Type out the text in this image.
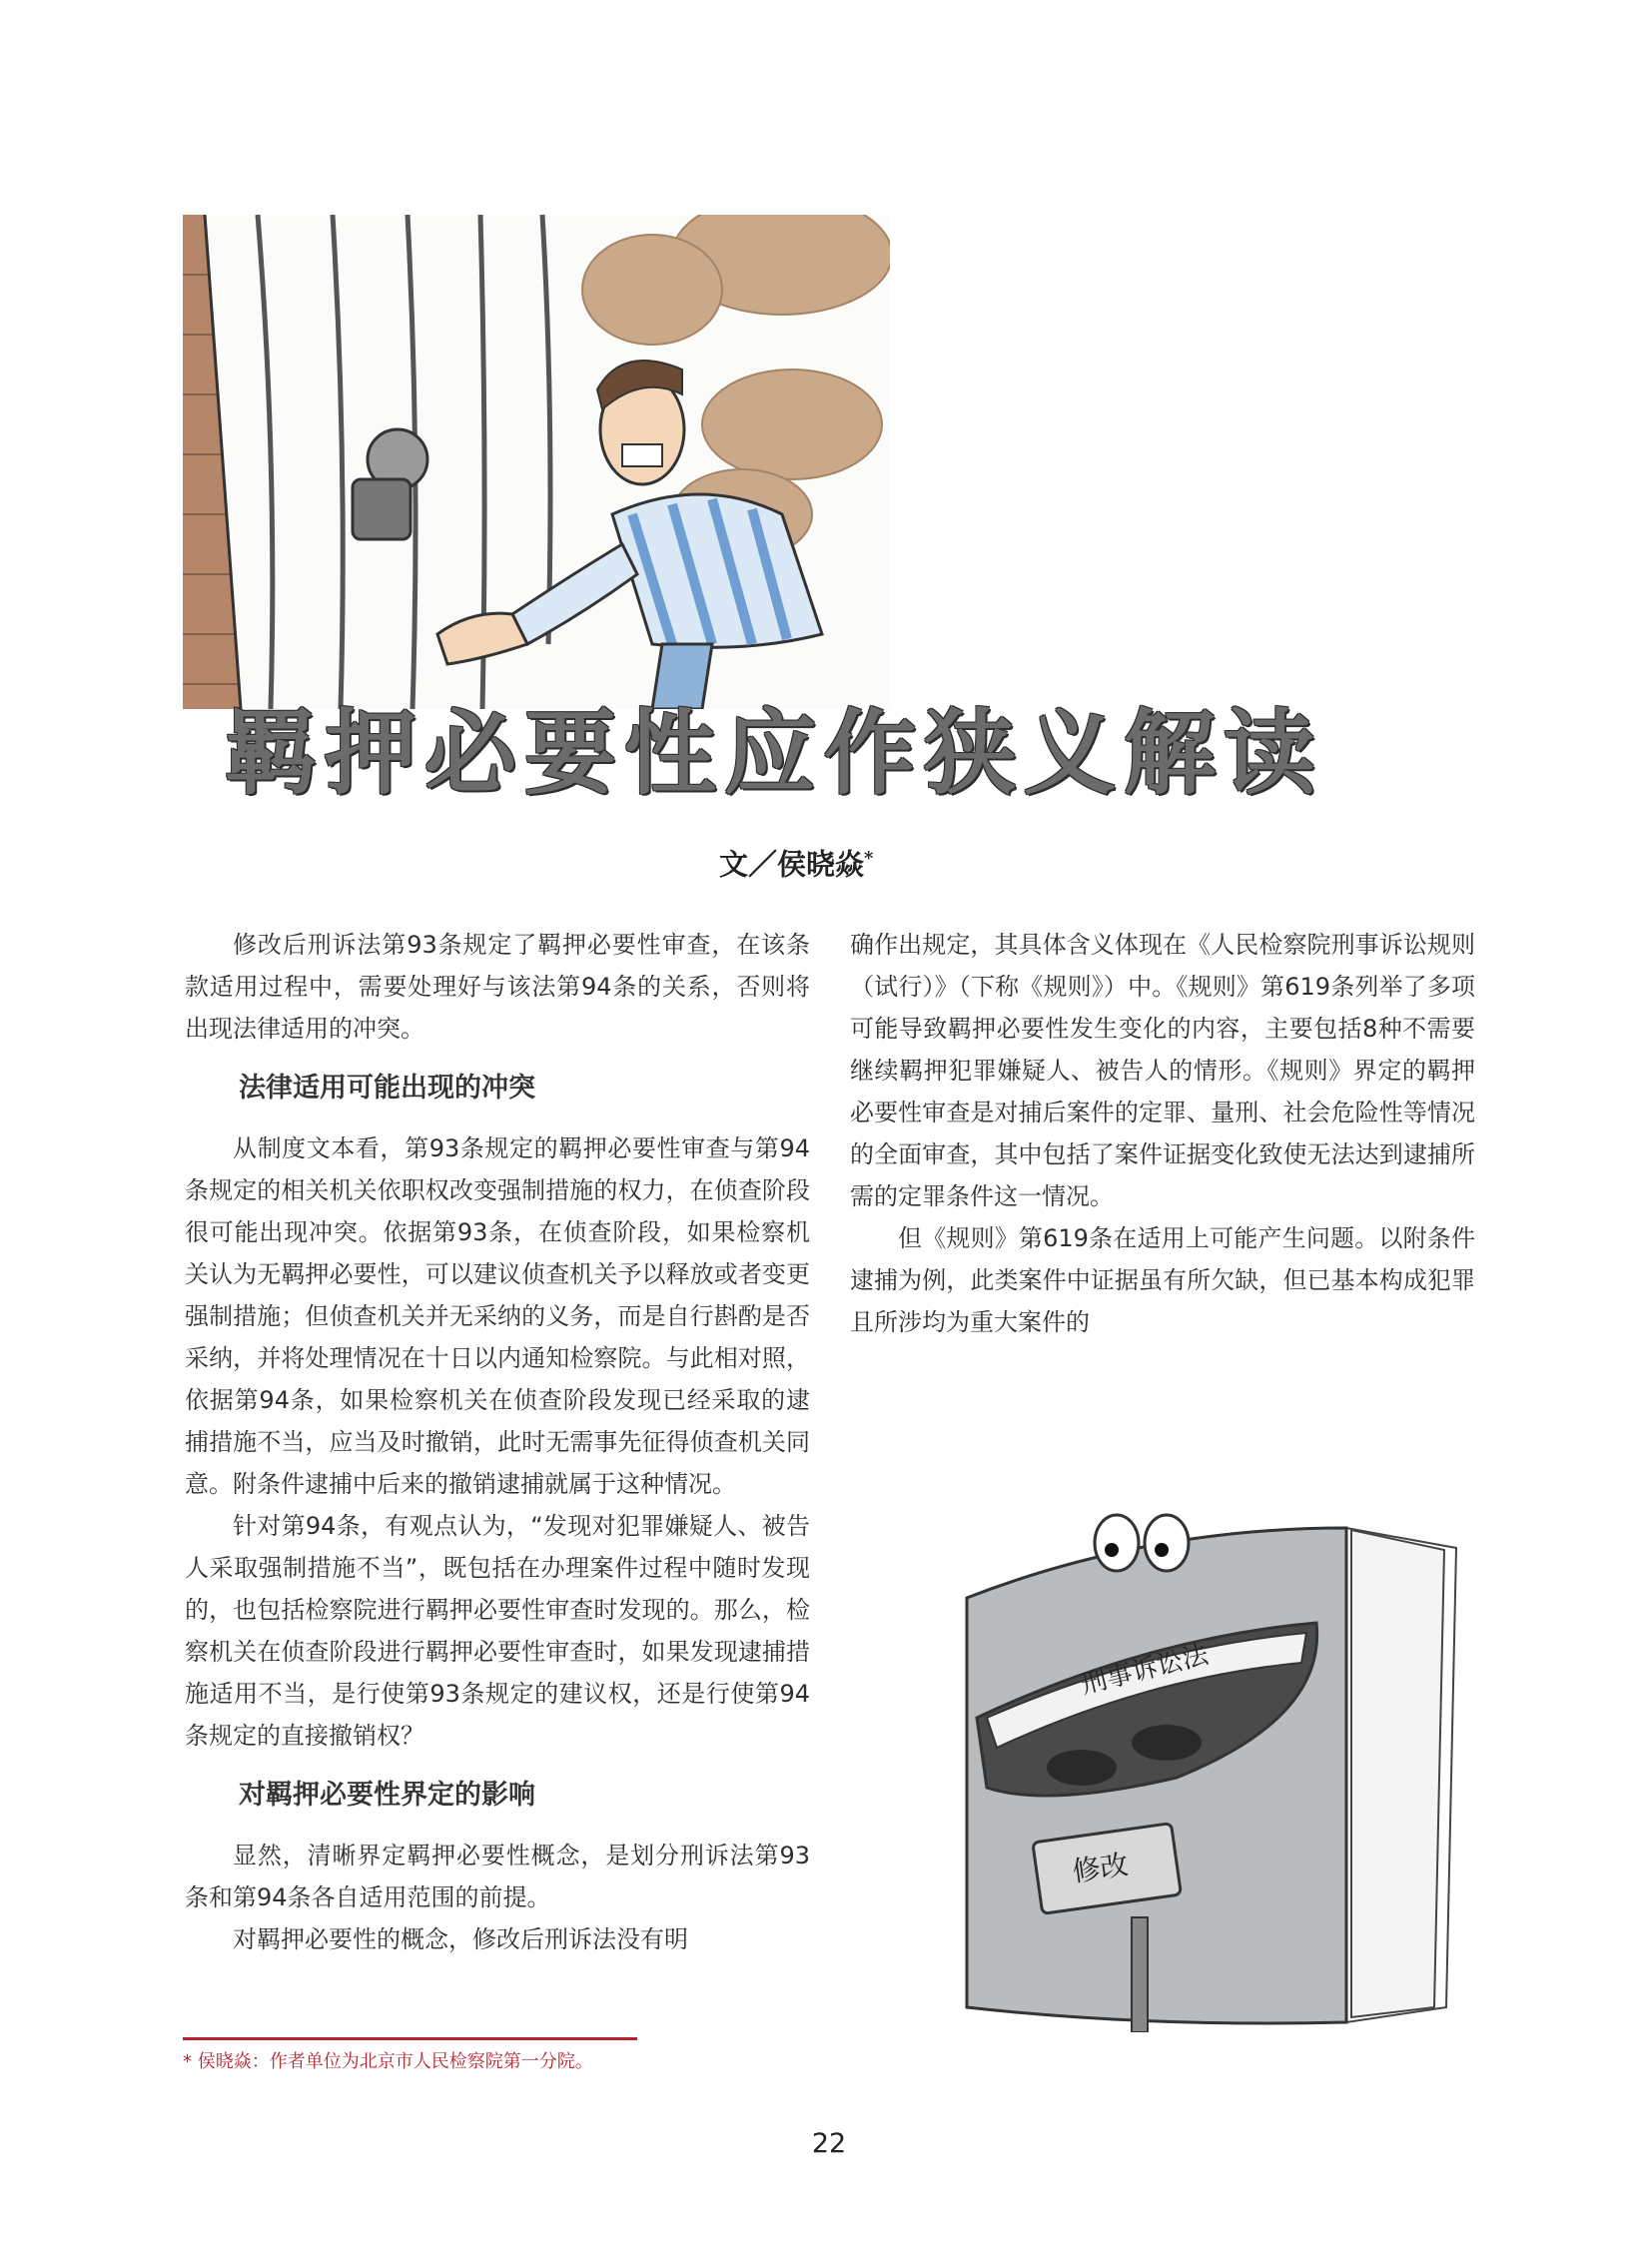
羁押必要性应作狭义解读
文／侯晓焱*

修改后刑诉法第93条规定了羁押必要性审查，在该条款适用过程中，需要处理好与该法第94条的关系，否则将出现法律适用的冲突。

法律适用可能出现的冲突

从制度文本看，第93条规定的羁押必要性审查与第94条规定的相关机关依职权改变强制措施的权力，在侦查阶段很可能出现冲突。依据第93条，在侦查阶段，如果检察机关认为无羁押必要性，可以建议侦查机关予以释放或者变更强制措施；但侦查机关并无采纳的义务，而是自行斟酌是否采纳，并将处理情况在十日以内通知检察院。与此相对照，依据第94条，如果检察机关在侦查阶段发现已经采取的逮捕措施不当，应当及时撤销，此时无需事先征得侦查机关同意。附条件逮捕中后来的撤销逮捕就属于这种情况。

针对第94条，有观点认为，“发现对犯罪嫌疑人、被告人采取强制措施不当”，既包括在办理案件过程中随时发现的，也包括检察院进行羁押必要性审查时发现的。那么，检察机关在侦查阶段进行羁押必要性审查时，如果发现逮捕措施适用不当，是行使第93条规定的建议权，还是行使第94条规定的直接撤销权？

对羁押必要性界定的影响

显然，清晰界定羁押必要性概念，是划分刑诉法第93条和第94条各自适用范围的前提。

对羁押必要性的概念，修改后刑诉法没有明

确作出规定，其具体含义体现在《人民检察院刑事诉讼规则（试行）》（下称《规则》）中。《规则》第619条列举了多项可能导致羁押必要性发生变化的内容，主要包括8种不需要继续羁押犯罪嫌疑人、被告人的情形。《规则》界定的羁押必要性审查是对捕后案件的定罪、量刑、社会危险性等情况的全面审查，其中包括了案件证据变化致使无法达到逮捕所需的定罪条件这一情况。

但《规则》第619条在适用上可能产生问题。以附条件逮捕为例，此类案件中证据虽有所欠缺，但已基本构成犯罪且所涉均为重大案件的

刑事诉讼法
修改
* 侯晓焱：作者单位为北京市人民检察院第一分院。
22
